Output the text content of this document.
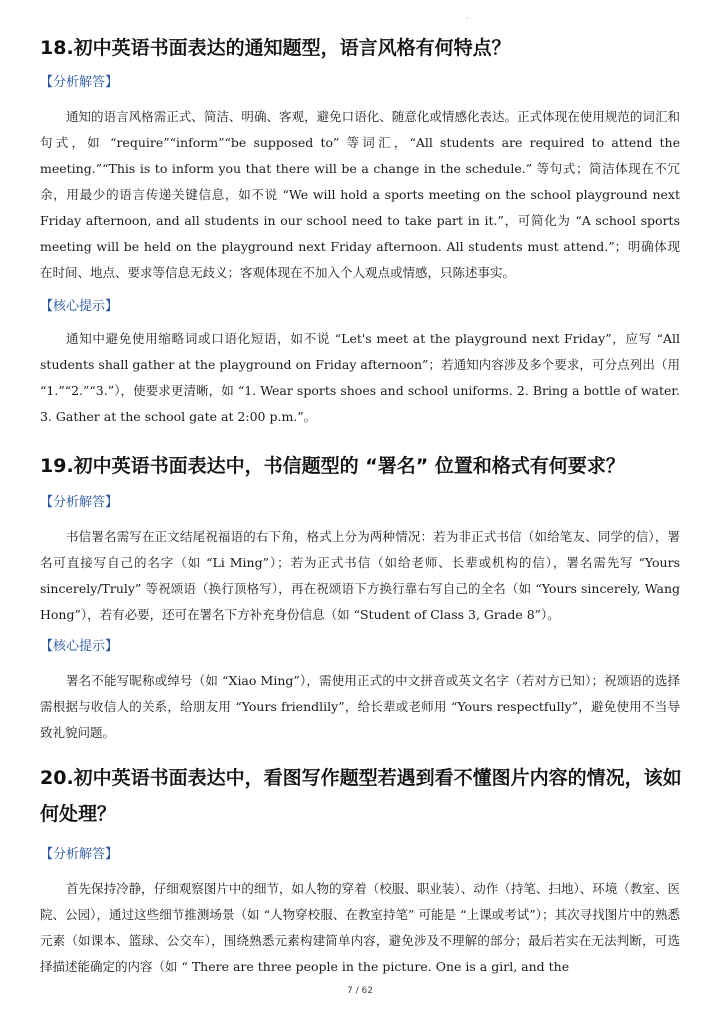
·
18.初中英语书面表达的通知题型，语言风格有何特点？
【分析解答】

通知的语言风格需正式、简洁、明确、客观，避免口语化、随意化或情感化表达。正式体现在使用规范的词汇和句式，如 “require”“inform”“be supposed to” 等词汇，“All students are required to attend the meeting.”“This is to inform you that there will be a change in the schedule.” 等句式；简洁体现在不冗余，用最少的语言传递关键信息，如不说 “We will hold a sports meeting on the school playground next Friday afternoon, and all students in our school need to take part in it.”，可简化为 “A school sports meeting will be held on the playground next Friday afternoon. All students must attend.”；明确体现在时间、地点、要求等信息无歧义；客观体现在不加入个人观点或情感，只陈述事实。

【核心提示】

通知中避免使用缩略词或口语化短语，如不说 “Let's meet at the playground next Friday”，应写 “All students shall gather at the playground on Friday afternoon”；若通知内容涉及多个要求，可分点列出（用 “1.”“2.”“3.”），使要求更清晰，如 “1. Wear sports shoes and school uniforms. 2. Bring a bottle of water. 3. Gather at the school gate at 2:00 p.m.”。

19.初中英语书面表达中，书信题型的 “署名” 位置和格式有何要求？
【分析解答】

书信署名需写在正文结尾祝福语的右下角，格式上分为两种情况：若为非正式书信（如给笔友、同学的信），署名可直接写自己的名字（如 “Li Ming”）；若为正式书信（如给老师、长辈或机构的信），署名需先写 “Yours sincerely/Truly” 等祝颂语（换行顶格写），再在祝颂语下方换行靠右写自己的全名（如 “Yours sincerely, Wang Hong”），若有必要，还可在署名下方补充身份信息（如 “Student of Class 3, Grade 8”）。

【核心提示】

署名不能写昵称或绰号（如 “Xiao Ming”），需使用正式的中文拼音或英文名字（若对方已知）；祝颂语的选择需根据与收信人的关系，给朋友用 “Yours friendlily”，给长辈或老师用 “Yours respectfully”，避免使用不当导致礼貌问题。

20.初中英语书面表达中，看图写作题型若遇到看不懂图片内容的情况，该如何处理？
【分析解答】

首先保持冷静，仔细观察图片中的细节，如人物的穿着（校服、职业装）、动作（持笔、扫地）、环境（教室、医院、公园），通过这些细节推测场景（如 “人物穿校服、在教室持笔” 可能是 “上课或考试”）；其次寻找图片中的熟悉元素（如课本、篮球、公交车），围绕熟悉元素构建简单内容，避免涉及不理解的部分；最后若实在无法判断，可选择描述能确定的内容（如 “ There are three people in the picture. One is a girl, and the

7 / 62
